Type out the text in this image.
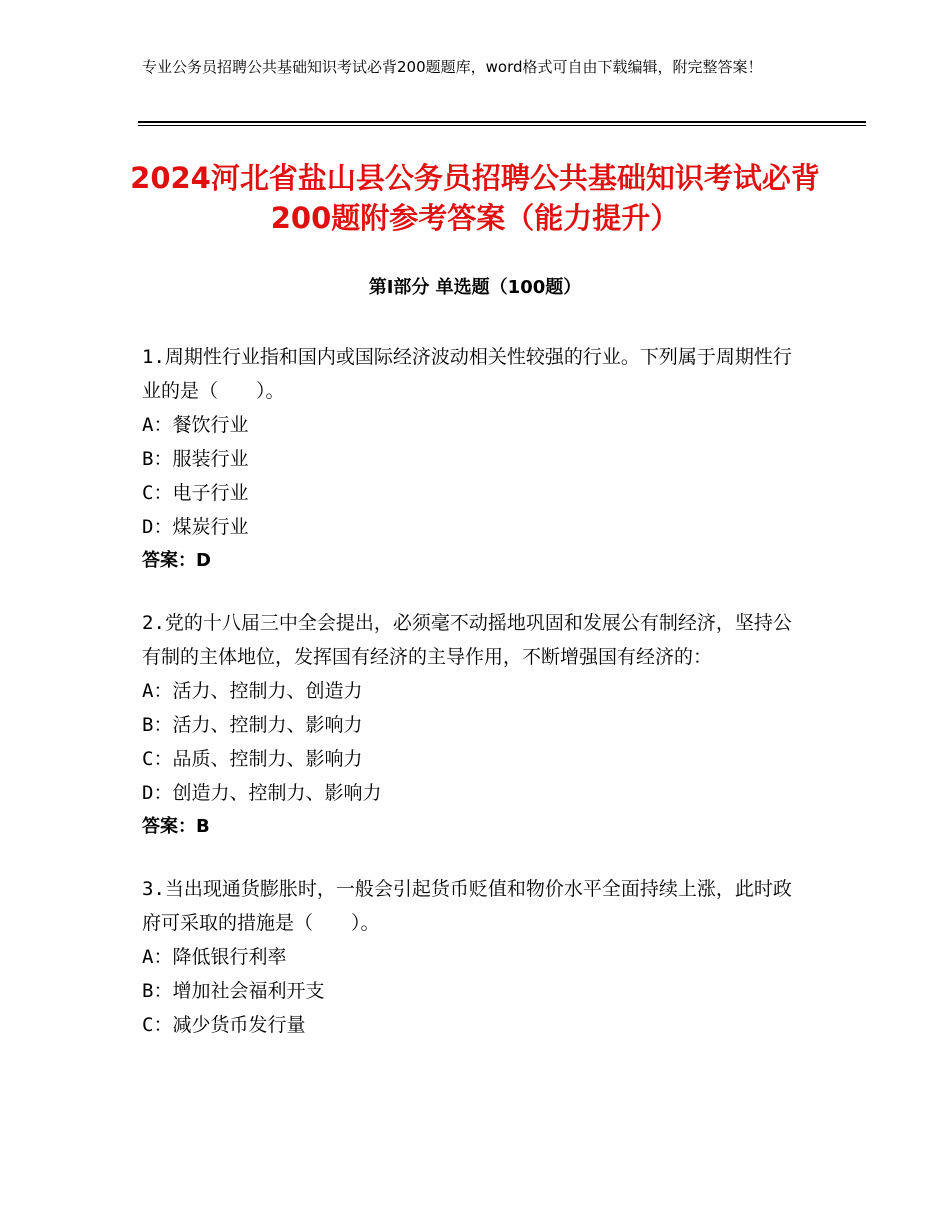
专业公务员招聘公共基础知识考试必背200题题库，word格式可自由下载编辑，附完整答案！
2024河北省盐山县公务员招聘公共基础知识考试必背200题附参考答案（能力提升）
第I部分 单选题（100题）

1.周期性行业指和国内或国际经济波动相关性较强的行业。下列属于周期性行业的是（　　）。

A：餐饮行业

B：服装行业

C：电子行业

D：煤炭行业

答案：D

2.党的十八届三中全会提出，必须毫不动摇地巩固和发展公有制经济，坚持公有制的主体地位，发挥国有经济的主导作用，不断增强国有经济的：

A：活力、控制力、创造力

B：活力、控制力、影响力

C：品质、控制力、影响力

D：创造力、控制力、影响力

答案：B

3.当出现通货膨胀时，一般会引起货币贬值和物价水平全面持续上涨，此时政府可采取的措施是（　　）。

A：降低银行利率

B：增加社会福利开支

C：减少货币发行量
